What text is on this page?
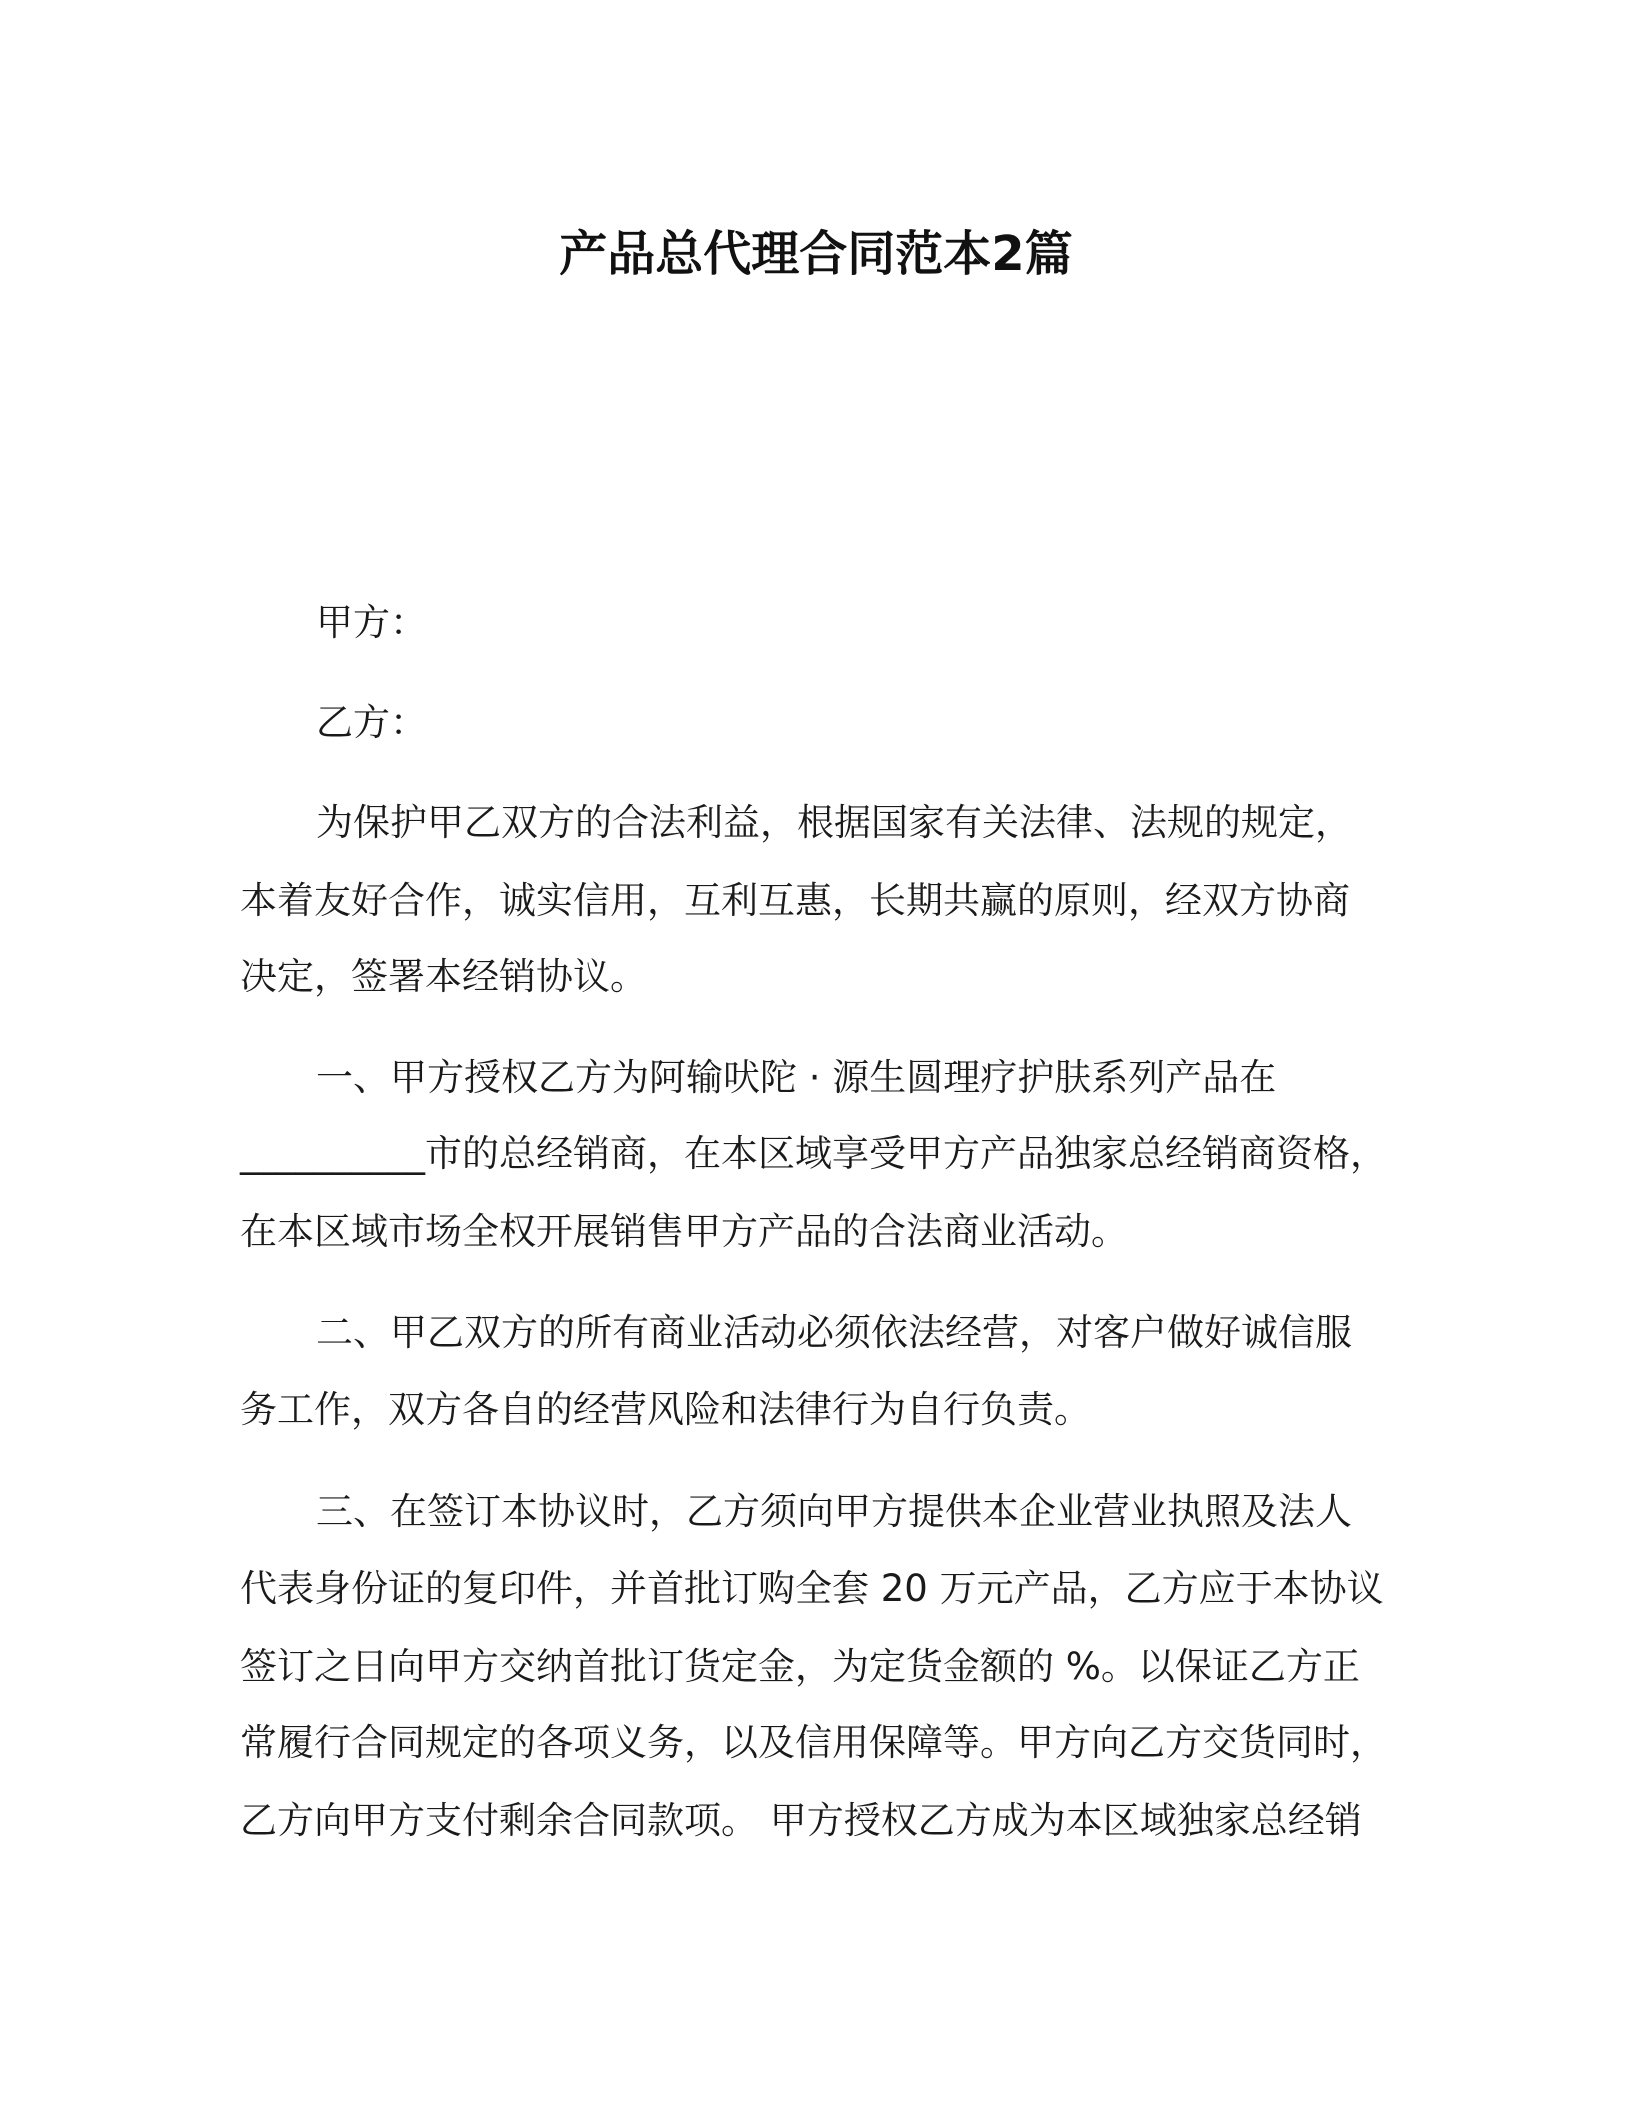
产品总代理合同范本2篇
甲方：
乙方：
为保护甲乙双方的合法利益，根据国家有关法律、法规的规定，
本着友好合作，诚实信用，互利互惠，长期共赢的原则，经双方协商
决定，签署本经销协议。
一、甲方授权乙方为阿输吠陀 · 源生圆理疗护肤系列产品在
__________市的总经销商，在本区域享受甲方产品独家总经销商资格，
在本区域市场全权开展销售甲方产品的合法商业活动。
二、甲乙双方的所有商业活动必须依法经营，对客户做好诚信服
务工作，双方各自的经营风险和法律行为自行负责。
三、在签订本协议时，乙方须向甲方提供本企业营业执照及法人
代表身份证的复印件，并首批订购全套 20 万元产品，乙方应于本协议
签订之日向甲方交纳首批订货定金，为定货金额的 %。以保证乙方正
常履行合同规定的各项义务，以及信用保障等。甲方向乙方交货同时，
乙方向甲方支付剩余合同款项。 甲方授权乙方成为本区域独家总经销
